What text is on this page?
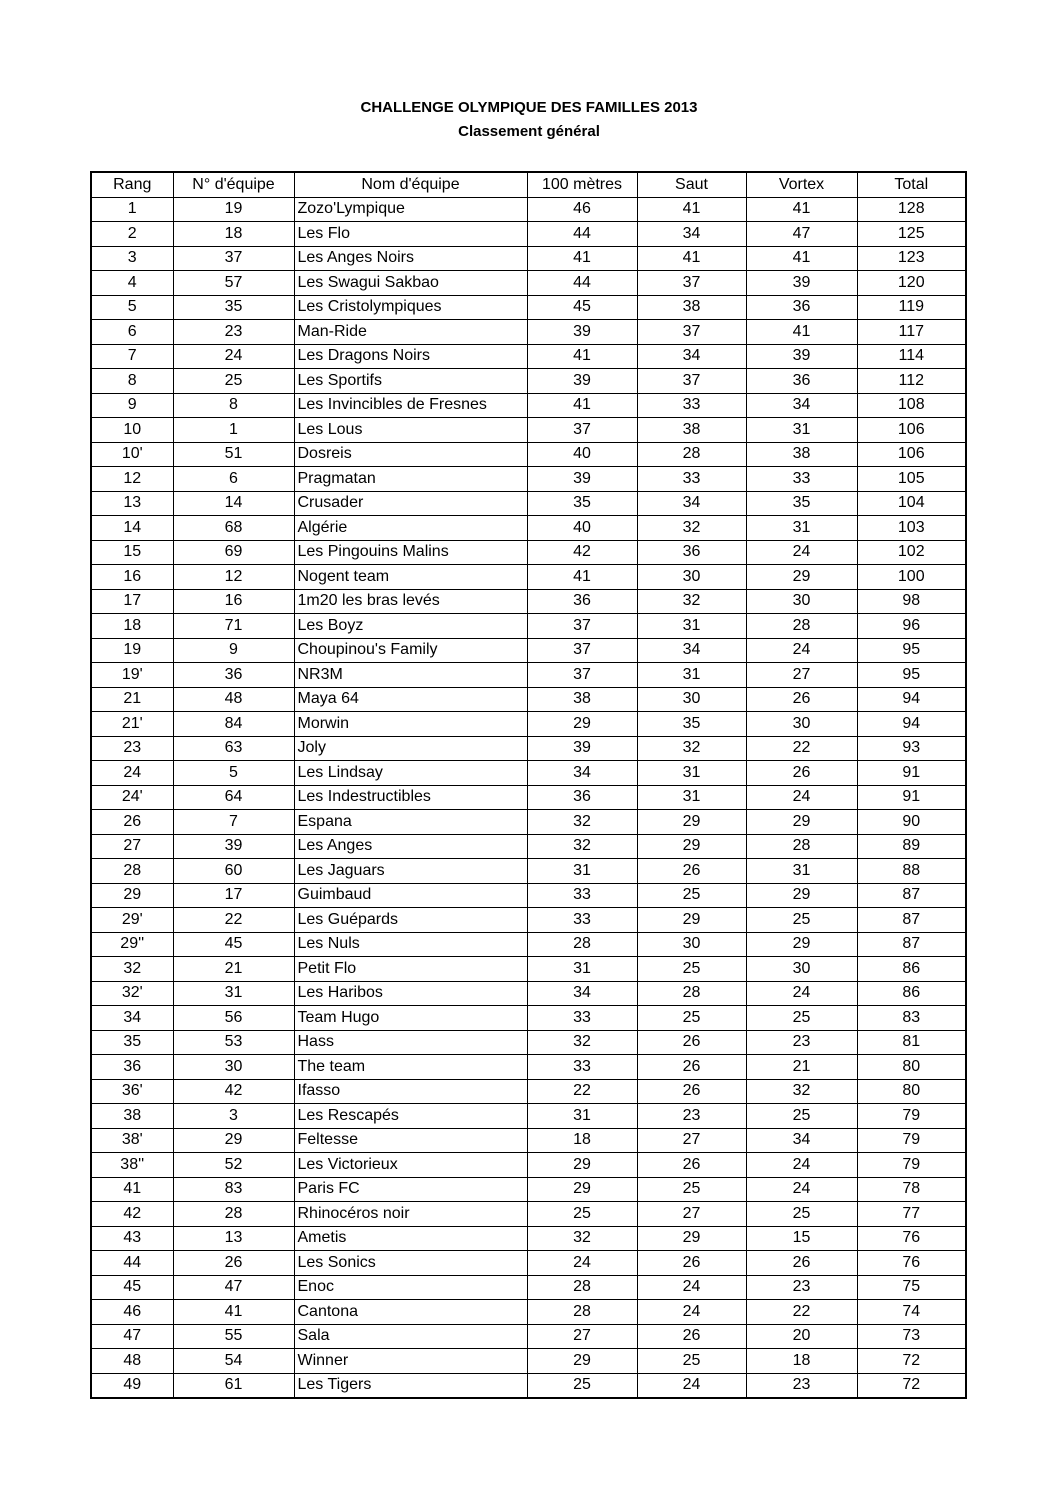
CHALLENGE OLYMPIQUE DES FAMILLES 2013
Classement général
Rang	N° d'équipe	Nom d'équipe	100 mètres	Saut	Vortex	Total
1	19	Zozo'Lympique	46	41	41	128
2	18	Les Flo	44	34	47	125
3	37	Les Anges Noirs	41	41	41	123
4	57	Les Swagui Sakbao	44	37	39	120
5	35	Les Cristolympiques	45	38	36	119
6	23	Man-Ride	39	37	41	117
7	24	Les Dragons Noirs	41	34	39	114
8	25	Les Sportifs	39	37	36	112
9	8	Les Invincibles de Fresnes	41	33	34	108
10	1	Les Lous	37	38	31	106
10'	51	Dosreis	40	28	38	106
12	6	Pragmatan	39	33	33	105
13	14	Crusader	35	34	35	104
14	68	Algérie	40	32	31	103
15	69	Les Pingouins Malins	42	36	24	102
16	12	Nogent team	41	30	29	100
17	16	1m20 les bras levés	36	32	30	98
18	71	Les Boyz	37	31	28	96
19	9	Choupinou's Family	37	34	24	95
19'	36	NR3M	37	31	27	95
21	48	Maya 64	38	30	26	94
21'	84	Morwin	29	35	30	94
23	63	Joly	39	32	22	93
24	5	Les Lindsay	34	31	26	91
24'	64	Les Indestructibles	36	31	24	91
26	7	Espana	32	29	29	90
27	39	Les Anges	32	29	28	89
28	60	Les Jaguars	31	26	31	88
29	17	Guimbaud	33	25	29	87
29'	22	Les Guépards	33	29	25	87
29''	45	Les Nuls	28	30	29	87
32	21	Petit Flo	31	25	30	86
32'	31	Les Haribos	34	28	24	86
34	56	Team Hugo	33	25	25	83
35	53	Hass	32	26	23	81
36	30	The team	33	26	21	80
36'	42	Ifasso	22	26	32	80
38	3	Les Rescapés	31	23	25	79
38'	29	Feltesse	18	27	34	79
38''	52	Les Victorieux	29	26	24	79
41	83	Paris FC	29	25	24	78
42	28	Rhinocéros noir	25	27	25	77
43	13	Ametis	32	29	15	76
44	26	Les Sonics	24	26	26	76
45	47	Enoc	28	24	23	75
46	41	Cantona	28	24	22	74
47	55	Sala	27	26	20	73
48	54	Winner	29	25	18	72
49	61	Les Tigers	25	24	23	72
